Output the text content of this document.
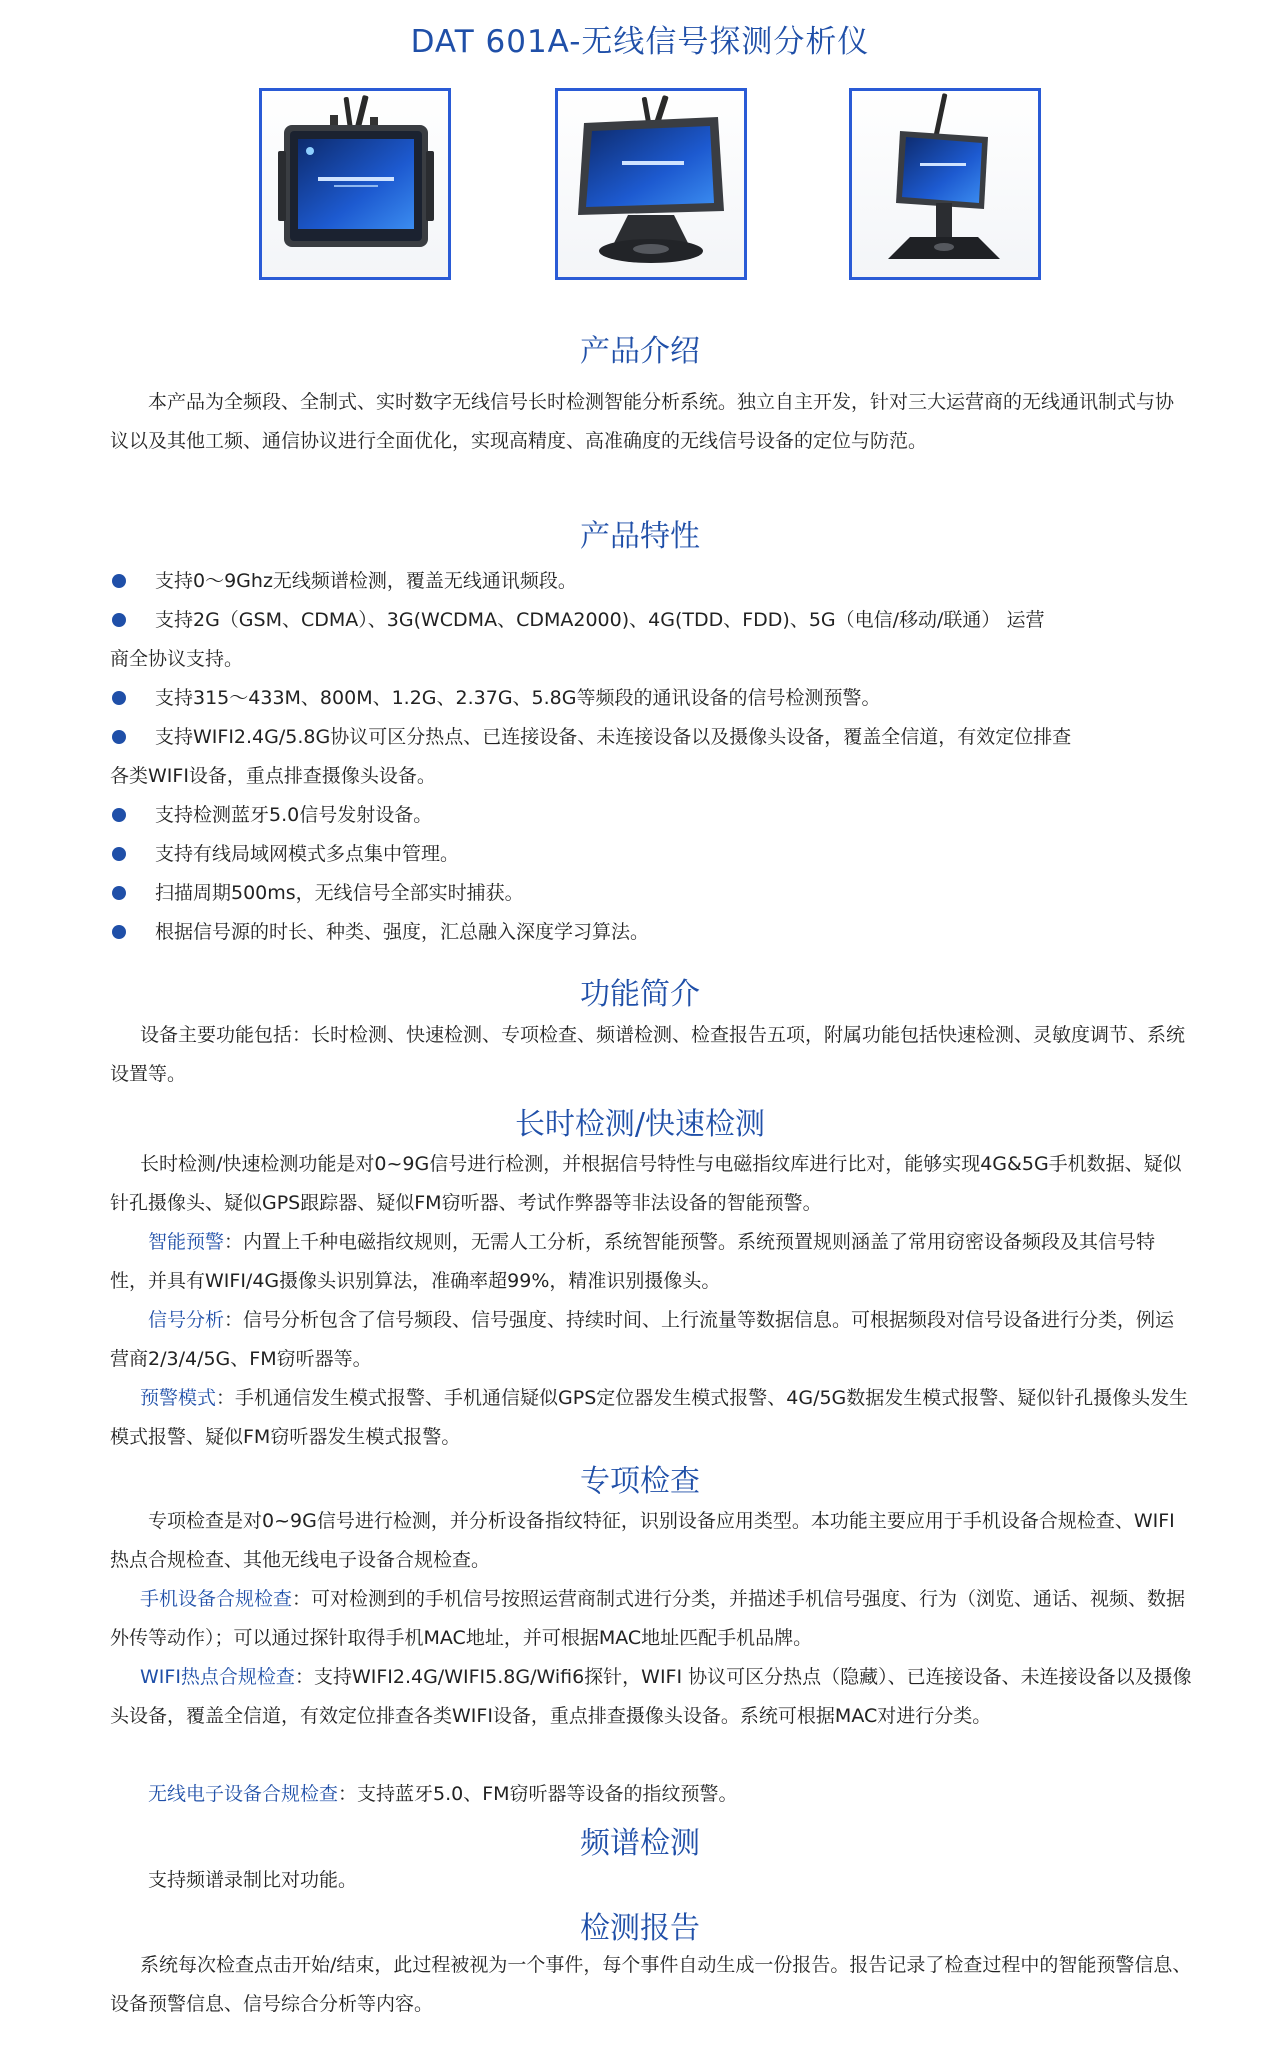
DAT 601A-无线信号探测分析仪
产品介绍

本产品为全频段、全制式、实时数字无线信号长时检测智能分析系统。独立自主开发，针对三大运营商的无线通讯制式与协议以及其他工频、通信协议进行全面优化，实现高精度、高准确度的无线信号设备的定位与防范。

产品特性
支持0～9Ghz无线频谱检测，覆盖无线通讯频段。
支持2G（GSM、CDMA）、3G(WCDMA、CDMA2000)、4G(TDD、FDD)、5G（电信/移动/联通） 运营
商全协议支持。
支持315～433M、800M、1.2G、2.37G、5.8G等频段的通讯设备的信号检测预警。
支持WIFI2.4G/5.8G协议可区分热点、已连接设备、未连接设备以及摄像头设备，覆盖全信道，有效定位排查
各类WIFI设备，重点排查摄像头设备。
支持检测蓝牙5.0信号发射设备。
支持有线局域网模式多点集中管理。
扫描周期500ms，无线信号全部实时捕获。
根据信号源的时长、种类、强度，汇总融入深度学习算法。
功能简介

设备主要功能包括：长时检测、快速检测、专项检查、频谱检测、检查报告五项，附属功能包括快速检测、灵敏度调节、系统设置等。

长时检测/快速检测

长时检测/快速检测功能是对0~9G信号进行检测，并根据信号特性与电磁指纹库进行比对，能够实现4G&5G手机数据、疑似针孔摄像头、疑似GPS跟踪器、疑似FM窃听器、考试作弊器等非法设备的智能预警。

智能预警：内置上千种电磁指纹规则，无需人工分析，系统智能预警。系统预置规则涵盖了常用窃密设备频段及其信号特性，并具有WIFI/4G摄像头识别算法，准确率超99%，精准识别摄像头。

信号分析：信号分析包含了信号频段、信号强度、持续时间、上行流量等数据信息。可根据频段对信号设备进行分类，例运营商2/3/4/5G、FM窃听器等。

预警模式：手机通信发生模式报警、手机通信疑似GPS定位器发生模式报警、4G/5G数据发生模式报警、疑似针孔摄像头发生模式报警、疑似FM窃听器发生模式报警。

专项检查

专项检查是对0~9G信号进行检测，并分析设备指纹特征，识别设备应用类型。本功能主要应用于手机设备合规检查、WIFI热点合规检查、其他无线电子设备合规检查。

手机设备合规检查：可对检测到的手机信号按照运营商制式进行分类，并描述手机信号强度、行为（浏览、通话、视频、数据外传等动作）；可以通过探针取得手机MAC地址，并可根据MAC地址匹配手机品牌。

WIFI热点合规检查：支持WIFI2.4G/WIFI5.8G/Wifi6探针，WIFI 协议可区分热点（隐藏）、已连接设备、未连接设备以及摄像头设备，覆盖全信道，有效定位排查各类WIFI设备，重点排查摄像头设备。系统可根据MAC对进行分类。

无线电子设备合规检查：支持蓝牙5.0、FM窃听器等设备的指纹预警。

频谱检测

支持频谱录制比对功能。

检测报告

系统每次检查点击开始/结束，此过程被视为一个事件，每个事件自动生成一份报告。报告记录了检查过程中的智能预警信息、设备预警信息、信号综合分析等内容。
